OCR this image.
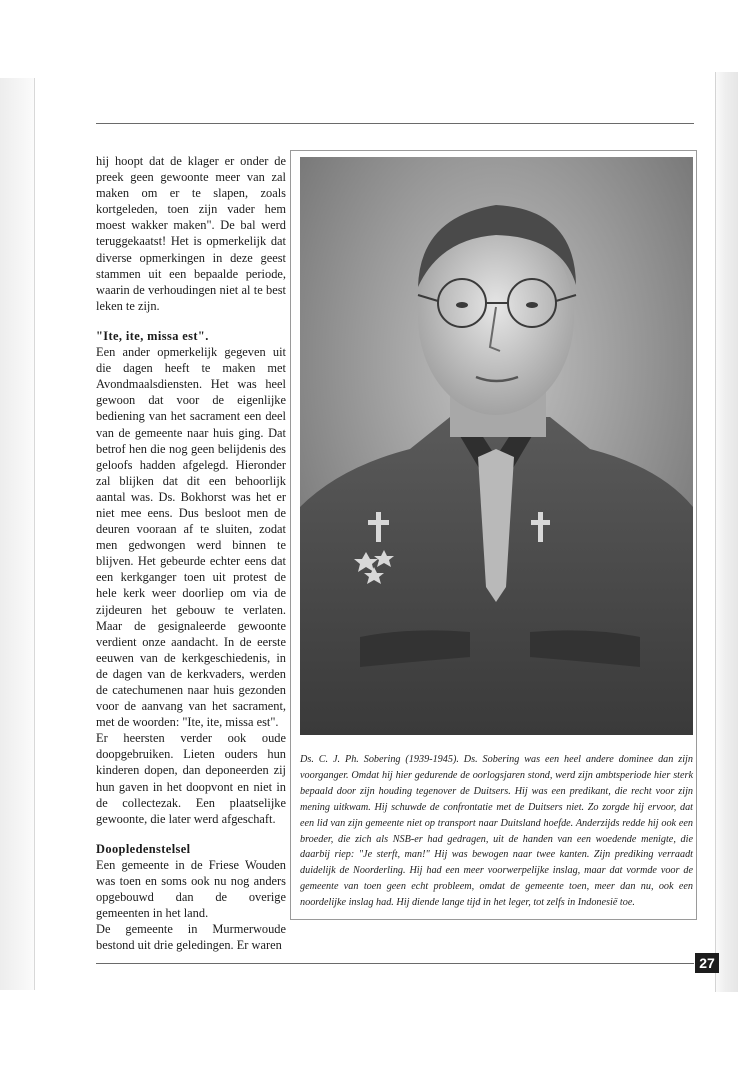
hij hoopt dat de klager er onder de preek geen gewoonte meer van zal maken om er te slapen, zoals kortgeleden, toen zijn vader hem moest wakker maken". De bal werd teruggekaatst! Het is opmerkelijk dat diverse opmerkingen in deze geest stammen uit een bepaalde periode, waarin de verhoudingen niet al te best leken te zijn.

"Ite, ite, missa est".

Een ander opmerkelijk gegeven uit die dagen heeft te maken met Avondmaalsdiensten. Het was heel gewoon dat voor de eigenlijke bediening van het sacrament een deel van de gemeente naar huis ging. Dat betrof hen die nog geen belijdenis des geloofs hadden afgelegd. Hieronder zal blijken dat dit een behoorlijk aantal was. Ds. Bokhorst was het er niet mee eens. Dus besloot men de deuren vooraan af te sluiten, zodat men gedwongen werd binnen te blijven. Het gebeurde echter eens dat een kerkganger toen uit protest de hele kerk weer doorliep om via de zijdeuren het gebouw te verlaten. Maar de gesignaleerde gewoonte verdient onze aandacht. In de eerste eeuwen van de kerkgeschiedenis, in de dagen van de kerkvaders, werden de catechumenen naar huis gezonden voor de aanvang van het sacrament, met de woorden: "Ite, ite, missa est".

Er heersten verder ook oude doopgebruiken. Lieten ouders hun kinderen dopen, dan deponeerden zij hun gaven in het doopvont en niet in de collectezak. Een plaatselijke gewoonte, die later werd afgeschaft.

Doopledenstelsel

Een gemeente in de Friese Wouden was toen en soms ook nu nog anders opgebouwd dan de overige gemeenten in het land.

De gemeente in Murmerwoude bestond uit drie geledingen. Er waren

Ds. C. J. Ph. Sobering (1939-1945). Ds. Sobering was een heel andere dominee dan zijn voorganger. Omdat hij hier gedurende de oorlogsjaren stond, werd zijn ambtsperiode hier sterk bepaald door zijn houding tegenover de Duitsers. Hij was een predikant, die recht voor zijn mening uitkwam. Hij schuwde de confrontatie met de Duitsers niet. Zo zorgde hij ervoor, dat een lid van zijn gemeente niet op transport naar Duitsland hoefde. Anderzijds redde hij ook een broeder, die zich als NSB-er had gedragen, uit de handen van een woedende menigte, die daarbij riep: "Je sterft, man!" Hij was bewogen naar twee kanten. Zijn prediking verraadt duidelijk de Noorderling. Hij had een meer voorwerpelijke inslag, maar dat vormde voor de gemeente van toen geen echt probleem, omdat de gemeente toen, meer dan nu, ook een noordelijke inslag had. Hij diende lange tijd in het leger, tot zelfs in Indonesië toe.
27
